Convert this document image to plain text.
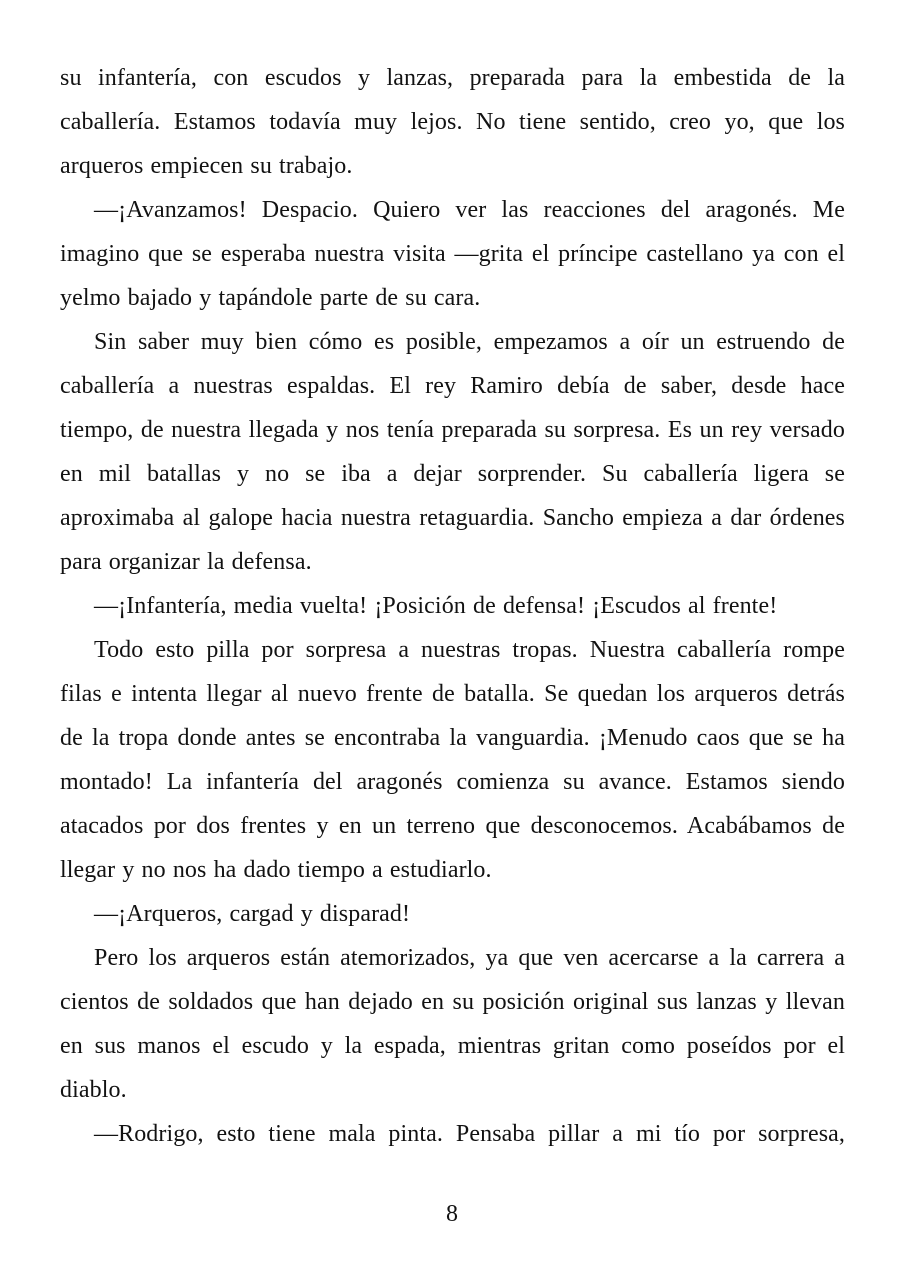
su infantería, con escudos y lanzas, preparada para la embestida de la caballería. Estamos todavía muy lejos. No tiene sentido, creo yo, que los arqueros empiecen su trabajo.

—¡Avanzamos! Despacio. Quiero ver las reacciones del aragonés. Me imagino que se esperaba nuestra visita —grita el príncipe castellano ya con el yelmo bajado y tapándole parte de su cara.

Sin saber muy bien cómo es posible, empezamos a oír un estruendo de caballería a nuestras espaldas. El rey Ramiro debía de saber, desde hace tiempo, de nuestra llegada y nos tenía preparada su sorpresa. Es un rey versado en mil batallas y no se iba a dejar sorprender. Su caballería ligera se aproximaba al galope hacia nuestra retaguardia. Sancho empieza a dar órdenes para organizar la defensa.

—¡Infantería, media vuelta! ¡Posición de defensa! ¡Escudos al frente!

Todo esto pilla por sorpresa a nuestras tropas. Nuestra caballería rompe filas e intenta llegar al nuevo frente de batalla. Se quedan los arqueros detrás de la tropa donde antes se encontraba la vanguardia. ¡Menudo caos que se ha montado! La infantería del aragonés comienza su avance. Estamos siendo atacados por dos frentes y en un terreno que desconocemos. Acabábamos de llegar y no nos ha dado tiempo a estudiarlo.

—¡Arqueros, cargad y disparad!

Pero los arqueros están atemorizados, ya que ven acercarse a la carrera a cientos de soldados que han dejado en su posición original sus lanzas y llevan en sus manos el escudo y la espada, mientras gritan como poseídos por el diablo.

—Rodrigo, esto tiene mala pinta. Pensaba pillar a mi tío por sorpresa,

8
